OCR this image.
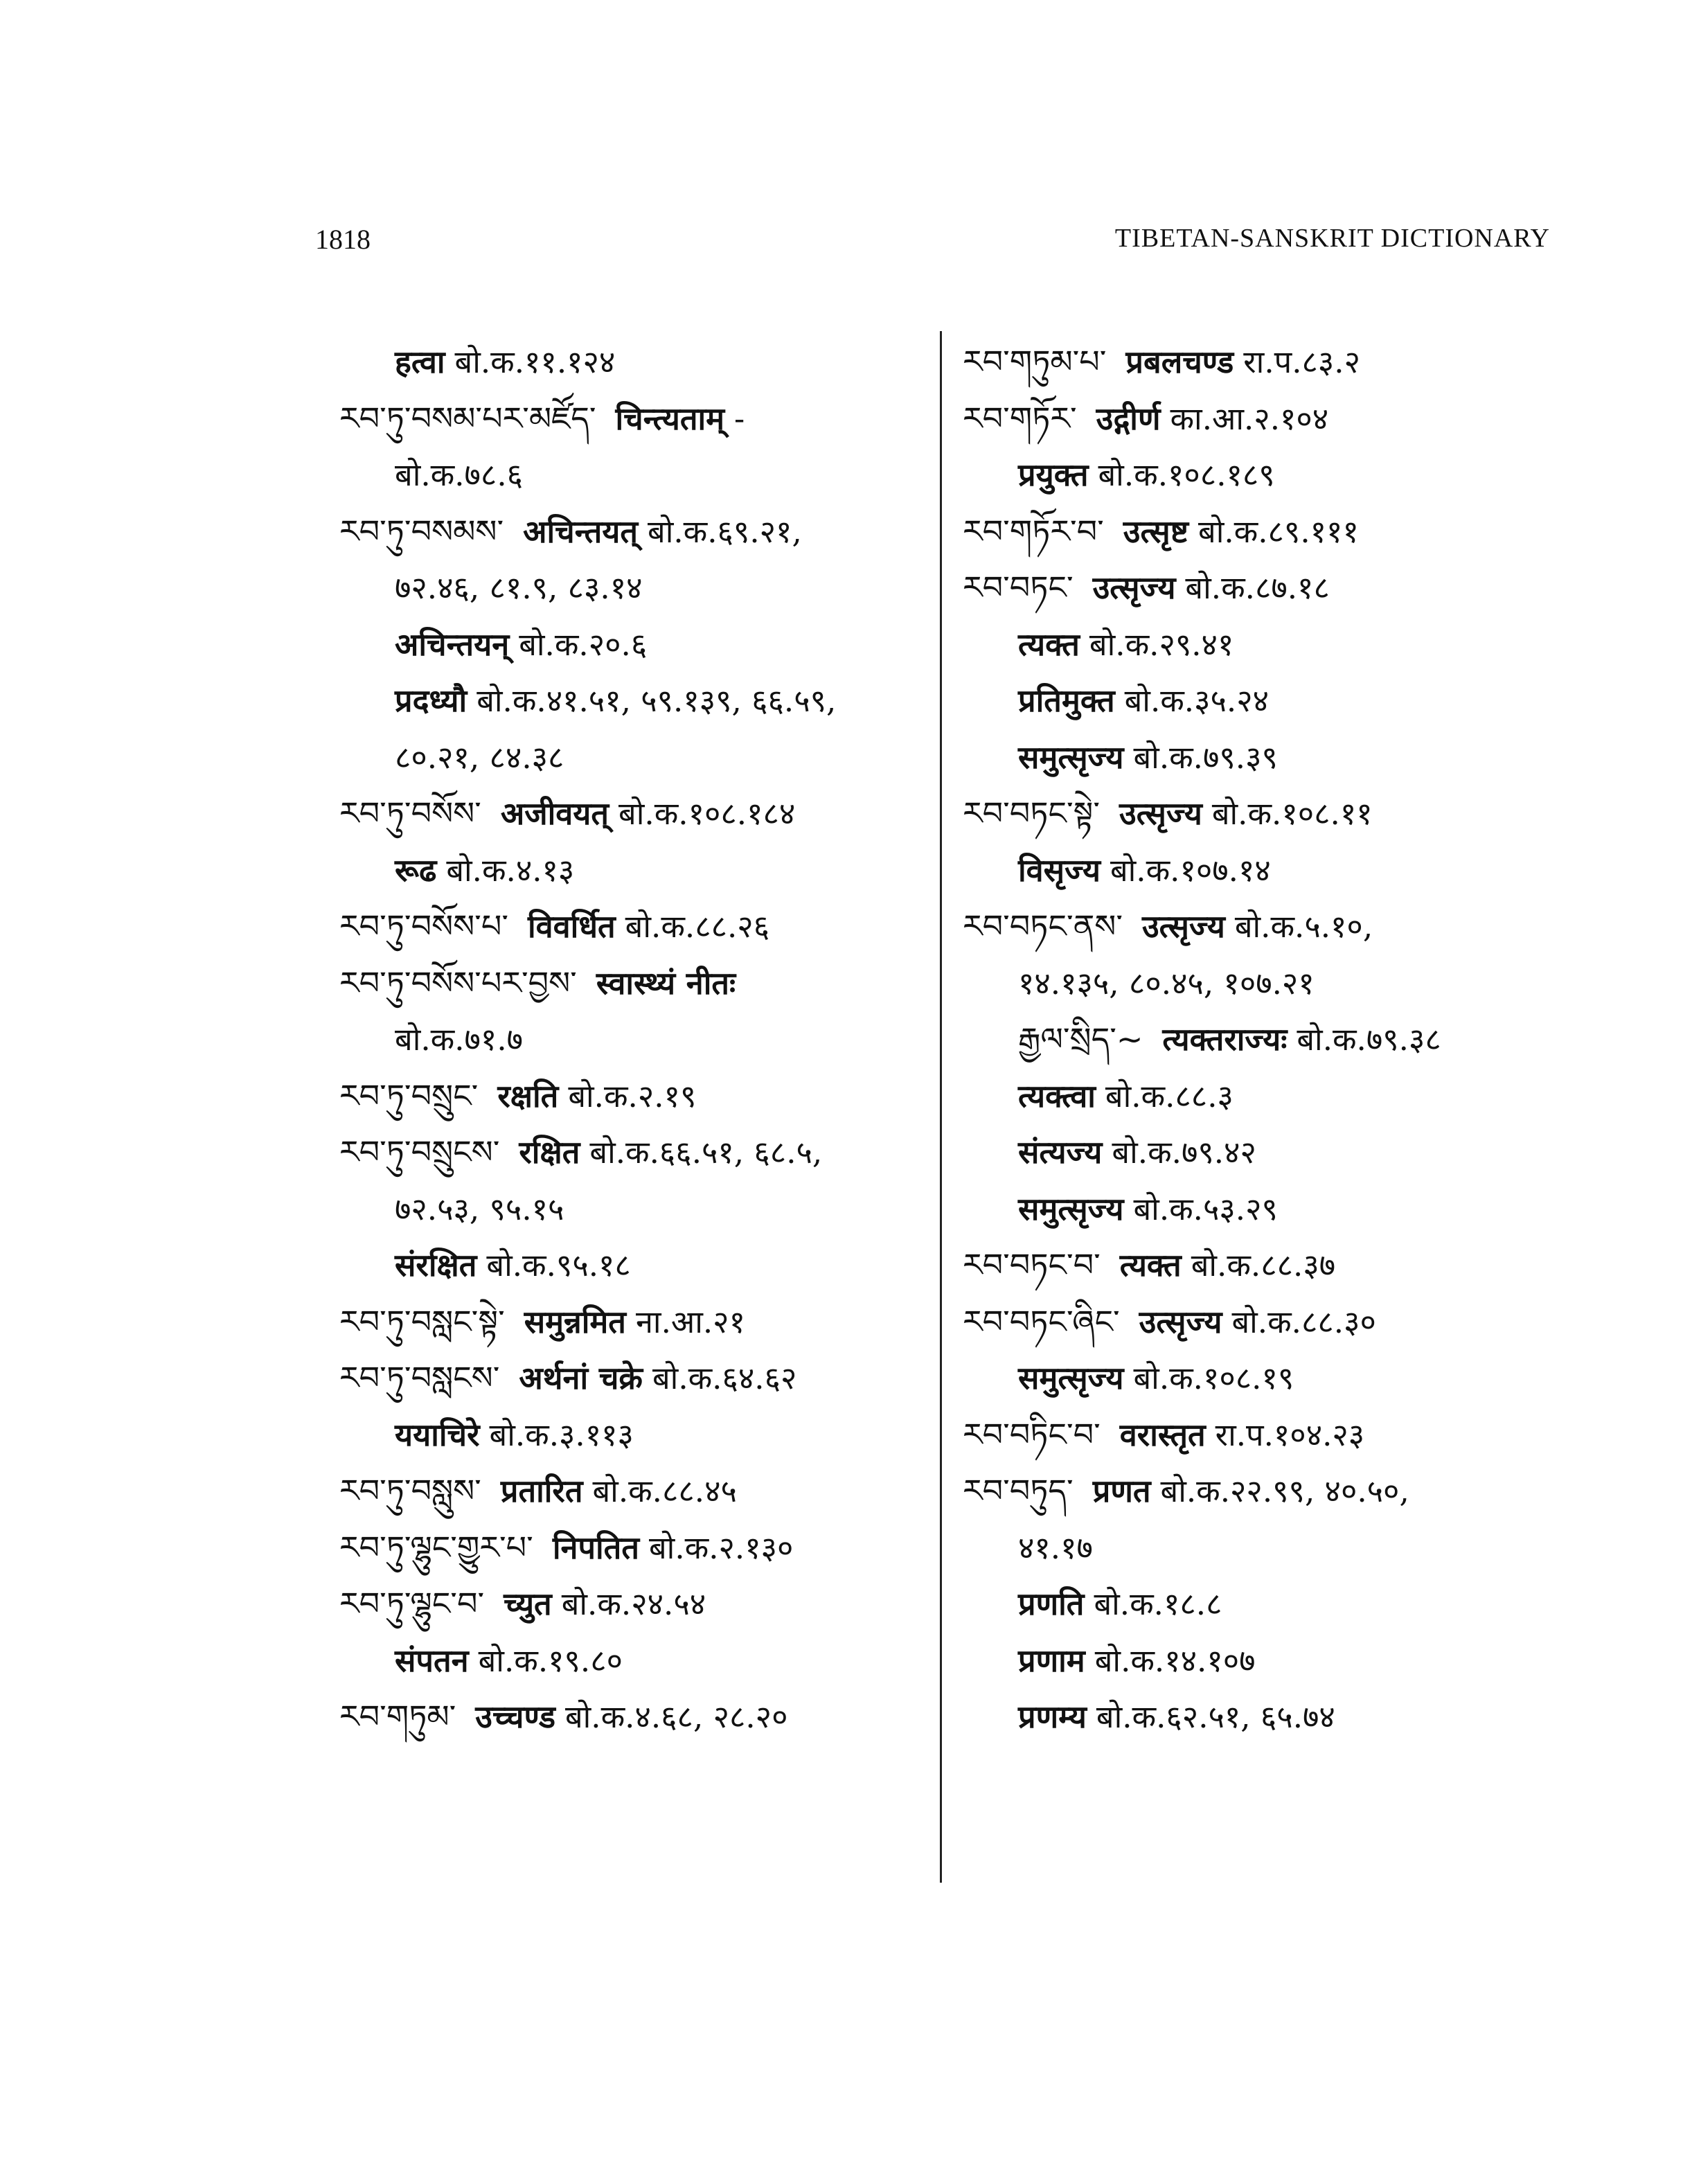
1818	TIBETAN-SANSKRIT DICTIONARY
हत्वा बो.क.११.१२४
རབ་ཏུ་བསམ་པར་མཛོད་ चिन्त्यताम् -
बो.क.७८.६
རབ་ཏུ་བསམས་ अचिन्तयत् बो.क.६९.२१,
७२.४६, ८१.९, ८३.१४
अचिन्तयन् बो.क.२०.६
प्रदध्यौ बो.क.४१.५१, ५९.१३९, ६६.५९,
८०.२१, ८४.३८
རབ་ཏུ་བསོས་ अजीवयत् बो.क.१०८.१८४
रूढ बो.क.४.१३
རབ་ཏུ་བསོས་པ་ विवर्धित बो.क.८८.२६
རབ་ཏུ་བསོས་པར་བྱས་ स्वास्थ्यं नीतः
बो.क.७१.७
རབ་ཏུ་བསྲུང་ रक्षति बो.क.२.१९
རབ་ཏུ་བསྲུངས་ रक्षित बो.क.६६.५१, ६८.५,
७२.५३, ९५.१५
संरक्षित बो.क.९५.१८
རབ་ཏུ་བསླང་སྟེ་ समुन्नमित ना.आ.२१
རབ་ཏུ་བསླངས་ अर्थनां चक्रे बो.क.६४.६२
ययाचिरे बो.क.३.११३
རབ་ཏུ་བསླུས་ प्रतारित बो.क.८८.४५
རབ་ཏུ་ལྷུང་གྱུར་པ་ निपतित बो.क.२.१३०
རབ་ཏུ་ལྷུང་བ་ च्युत बो.क.२४.५४
संपतन बो.क.१९.८०
རབ་གཏུམ་ उच्चण्ड बो.क.४.६८, २८.२०
རབ་གཏུམ་པ་ प्रबलचण्ड रा.प.८३.२
རབ་གཏོར་ उद्गीर्ण का.आ.२.१०४
प्रयुक्त बो.क.१०८.१८९
རབ་གཏོར་བ་ उत्सृष्ट बो.क.८९.१११
རབ་བཏང་ उत्सृज्य बो.क.८७.१८
त्यक्त बो.क.२९.४१
प्रतिमुक्त बो.क.३५.२४
समुत्सृज्य बो.क.७९.३९
རབ་བཏང་སྟེ་ उत्सृज्य बो.क.१०८.११
विसृज्य बो.क.१०७.१४
རབ་བཏང་ནས་ उत्सृज्य बो.क.५.१०,
१४.१३५, ८०.४५, १०७.२१
རྒྱལ་སྲིད་~ त्यक्तराज्यः बो.क.७९.३८
त्यक्त्वा बो.क.८८.३
संत्यज्य बो.क.७९.४२
समुत्सृज्य बो.क.५३.२९
རབ་བཏང་བ་ त्यक्त बो.क.८८.३७
རབ་བཏང་ཞིང་ उत्सृज्य बो.क.८८.३०
समुत्सृज्य बो.क.१०८.१९
རབ་བཏིང་བ་ वरास्तृत रा.प.१०४.२३
རབ་བཏུད་ प्रणत बो.क.२२.९९, ४०.५०,
४१.१७
प्रणति बो.क.१८.८
प्रणाम बो.क.१४.१०७
प्रणम्य बो.क.६२.५१, ६५.७४
